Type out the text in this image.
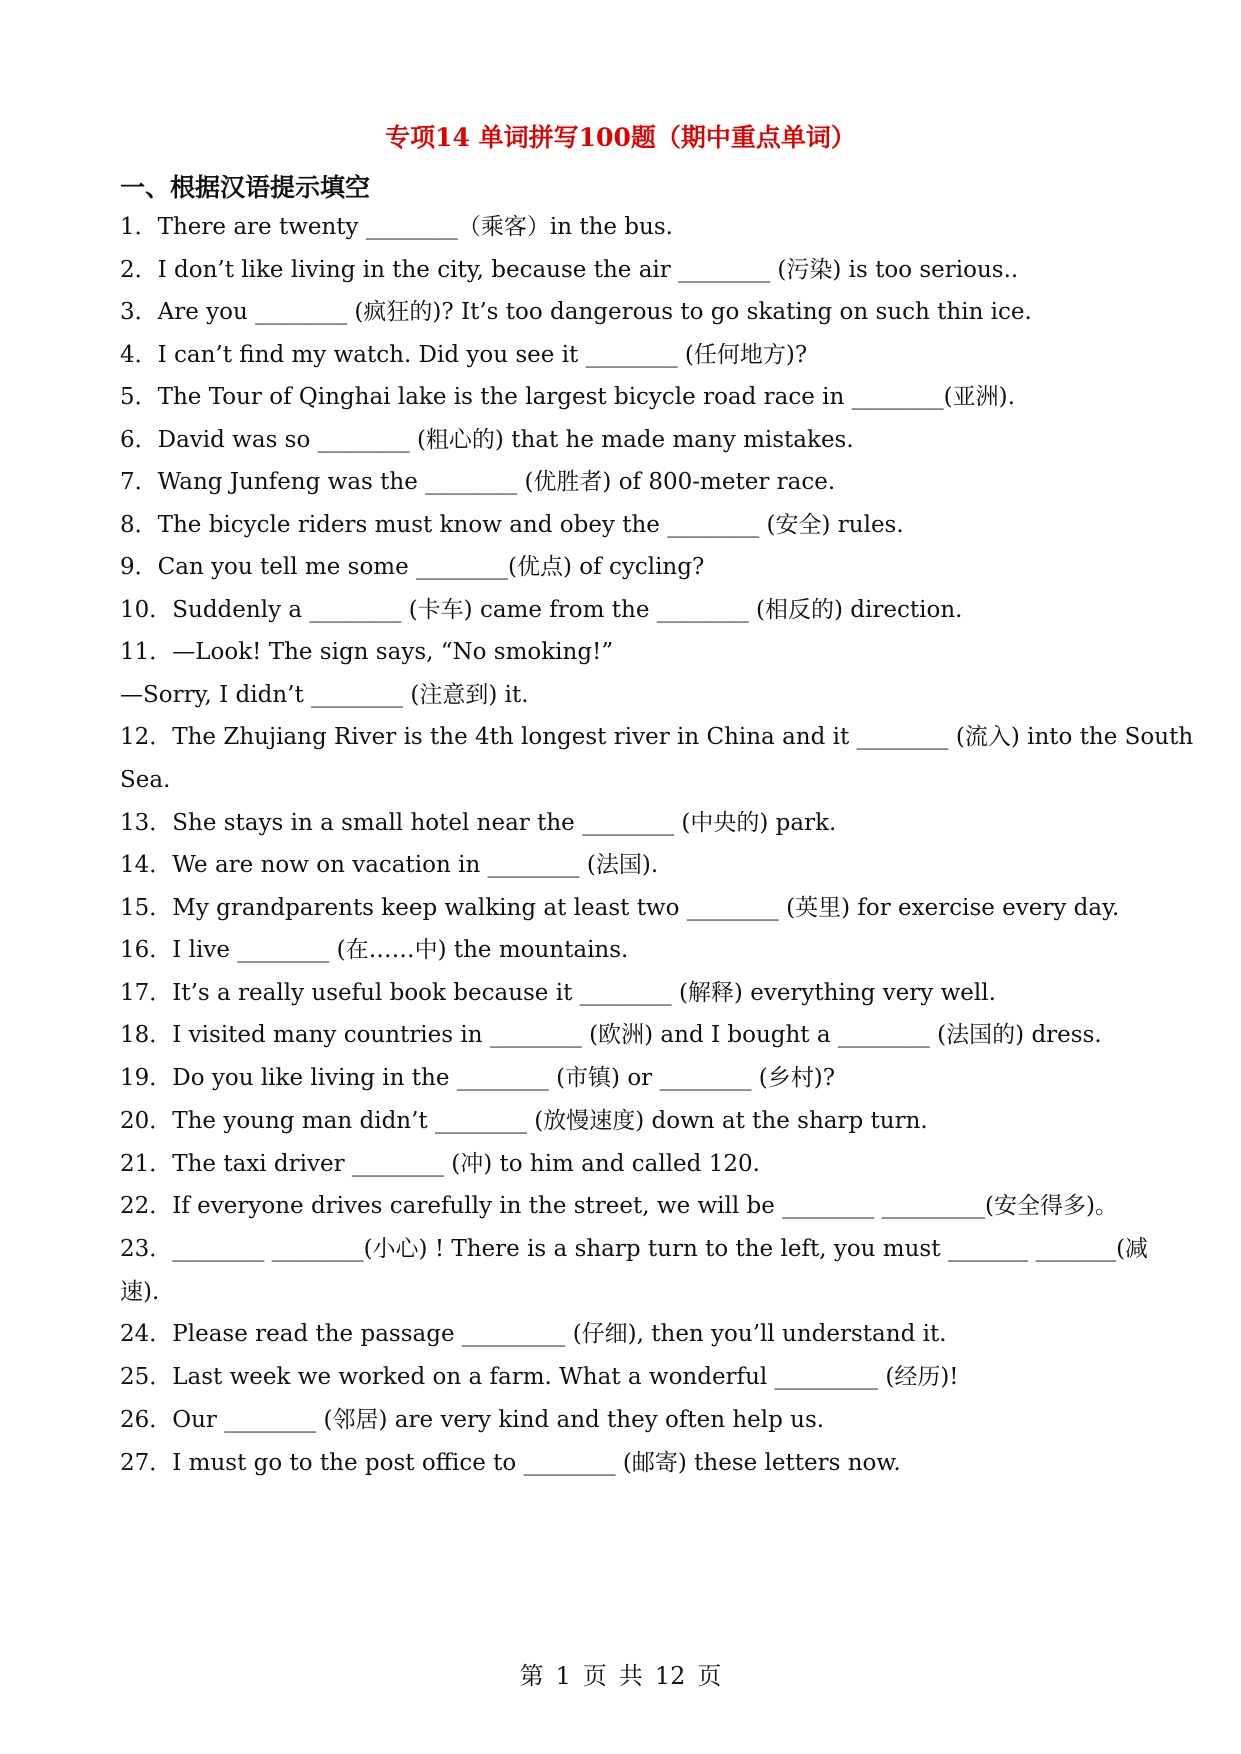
专项14 单词拼写100题（期中重点单词）
一、根据汉语提示填空
1．There are twenty ________（乘客）in the bus.
2．I don’t like living in the city, because the air ________ (污染) is too serious..
3．Are you ________ (疯狂的)? It’s too dangerous to go skating on such thin ice.
4．I can’t find my watch. Did you see it ________ (任何地方)?
5．The Tour of Qinghai lake is the largest bicycle road race in ________(亚洲).
6．David was so ________ (粗心的) that he made many mistakes.
7．Wang Junfeng was the ________ (优胜者) of 800-meter race.
8．The bicycle riders must know and obey the ________ (安全) rules.
9．Can you tell me some ________(优点) of cycling?
10．Suddenly a ________ (卡车) came from the ________ (相反的) direction.
11．—Look! The sign says, “No smoking!”
—Sorry, I didn’t ________ (注意到) it.
12．The Zhujiang River is the 4th longest river in China and it ________ (流入) into the South
Sea.
13．She stays in a small hotel near the ________ (中央的) park.
14．We are now on vacation in ________ (法国).
15．My grandparents keep walking at least two ________ (英里) for exercise every day.
16．I live ________ (在……中) the mountains.
17．It’s a really useful book because it ________ (解释) everything very well.
18．I visited many countries in ________ (欧洲) and I bought a ________ (法国的) dress.
19．Do you like living in the ________ (市镇) or ________ (乡村)?
20．The young man didn’t ________ (放慢速度) down at the sharp turn.
21．The taxi driver ________ (冲) to him and called 120.
22．If everyone drives carefully in the street, we will be ________ _________(安全得多)。
23．________ ________(小心) ! There is a sharp turn to the left, you must _______ _______(减
速).
24．Please read the passage _________ (仔细), then you’ll understand it.
25．Last week we worked on a farm. What a wonderful _________ (经历)!
26．Our ________ (邻居) are very kind and they often help us.
27．I must go to the post office to ________ (邮寄) these letters now.
第 1 页 共 12 页
